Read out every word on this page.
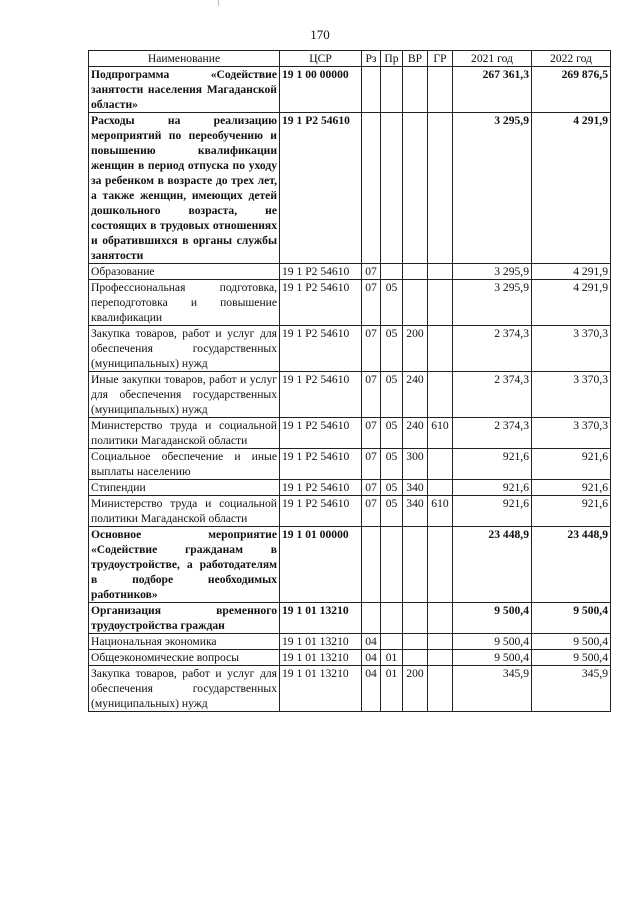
170
Наименование	ЦСР	Рз	Пр	ВР	ГР	2021 год	2022 год
Подпрограмма «Содействие занятости населения Магаданской области»	19 1 00 00000					267 361,3	269 876,5
Расходы на реализацию мероприятий по переобучению и повышению квалификации женщин в период отпуска по уходу за ребенком в возрасте до трех лет, а также женщин, имеющих детей дошкольного возраста, не состоящих в трудовых отношениях и обратившихся в органы службы занятости	19 1 P2 54610					3 295,9	4 291,9
Образование	19 1 P2 54610	07				3 295,9	4 291,9
Профессиональная подготовка, переподготовка и повышение квалификации	19 1 P2 54610	07	05			3 295,9	4 291,9
Закупка товаров, работ и услуг для обеспечения государственных (муниципальных) нужд	19 1 P2 54610	07	05	200		2 374,3	3 370,3
Иные закупки товаров, работ и услуг для обеспечения государственных (муниципальных) нужд	19 1 P2 54610	07	05	240		2 374,3	3 370,3
Министерство труда и социальной политики Магаданской области	19 1 P2 54610	07	05	240	610	2 374,3	3 370,3
Социальное обеспечение и иные выплаты населению	19 1 P2 54610	07	05	300		921,6	921,6
Стипендии	19 1 P2 54610	07	05	340		921,6	921,6
Министерство труда и социальной политики Магаданской области	19 1 P2 54610	07	05	340	610	921,6	921,6
Основное мероприятие «Содействие гражданам в трудоустройстве, а работодателям в подборе необходимых работников»	19 1 01 00000					23 448,9	23 448,9
Организация временного трудоустройства граждан	19 1 01 13210					9 500,4	9 500,4
Национальная экономика	19 1 01 13210	04				9 500,4	9 500,4
Общеэкономические вопросы	19 1 01 13210	04	01			9 500,4	9 500,4
Закупка товаров, работ и услуг для обеспечения государственных (муниципальных) нужд	19 1 01 13210	04	01	200		345,9	345,9
